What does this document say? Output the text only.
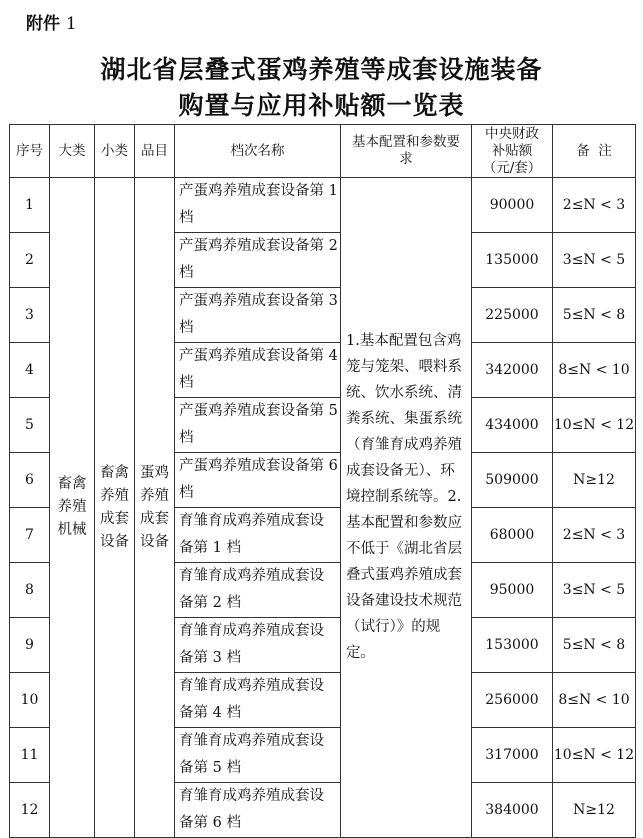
附件 1
湖北省层叠式蛋鸡养殖等成套设施装备
购置与应用补贴额一览表
序号	大类	小类	品目	档次名称	基本配置和参数要求	中央财政补贴额（元/套）	备  注
1	畜禽养殖机械	畜禽养殖成套设备	蛋鸡养殖成套设备	产蛋鸡养殖成套设备第 1 档	1.基本配置包含鸡笼与笼架、喂料系统、饮水系统、清粪系统、集蛋系统（育雏育成鸡养殖成套设备无）、环境控制系统等。2.基本配置和参数应不低于《湖北省层叠式蛋鸡养殖成套设备建设技术规范（试行）》的规定。	90000	2≤N < 3
2				产蛋鸡养殖成套设备第 2 档		135000	3≤N < 5
3				产蛋鸡养殖成套设备第 3 档		225000	5≤N < 8
4				产蛋鸡养殖成套设备第 4 档		342000	8≤N < 10
5				产蛋鸡养殖成套设备第 5 档		434000	10≤N < 12
6				产蛋鸡养殖成套设备第 6 档		509000	N≥12
7				育雏育成鸡养殖成套设备第 1 档		68000	2≤N < 3
8				育雏育成鸡养殖成套设备第 2 档		95000	3≤N < 5
9				育雏育成鸡养殖成套设备第 3 档		153000	5≤N < 8
10				育雏育成鸡养殖成套设备第 4 档		256000	8≤N < 10
11				育雏育成鸡养殖成套设备第 5 档		317000	10≤N < 12
12				育雏育成鸡养殖成套设备第 6 档		384000	N≥12
